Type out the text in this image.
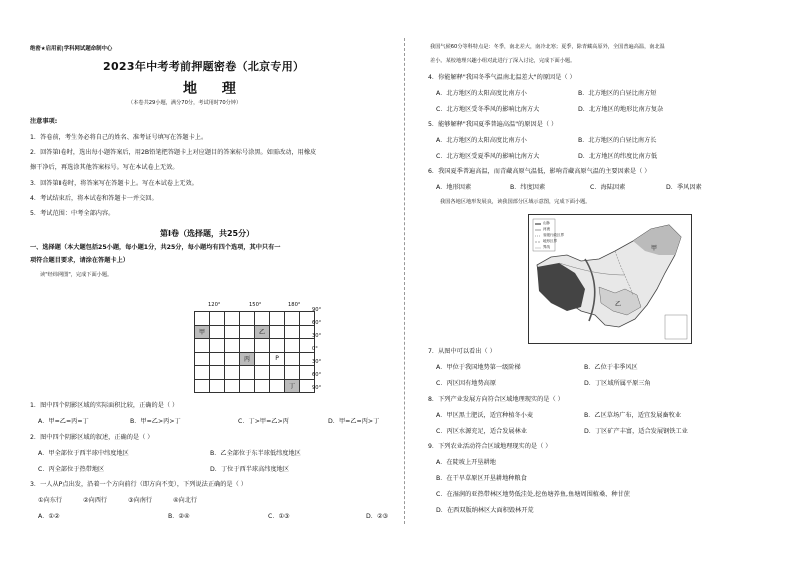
绝密★启用前|学科网试题命制中心
2023年中考考前押题密卷（北京专用）
地 理
（本卷共29小题，满分70分，考试用时70分钟）
注意事项:
1．答卷前，考生务必将自己的姓名、准考证号填写在答题卡上。
2．回答第Ⅰ卷时，选出每小题答案后，用2B铅笔把答题卡上对应题目的答案标号涂黑。如需改动，用橡皮
擦干净后，再选涂其他答案标号。写在本试卷上无效。
3．回答第Ⅱ卷时，将答案写在答题卡上。写在本试卷上无效。
4．考试结束后，将本试卷和答题卡一并交回。
5．考试范围：中考全部内容。
第Ⅰ卷（选择题，共25分）
一、选择题（本大题包括25小题，每小题1分，共25分，每小题均有四个选项，其中只有一
项符合题目要求，请涂在答题卡上）
读"经纬网图"，完成下面小题。
120°	150°	180°

甲				乙			

			丙		P		

						丁	
90°
60°
30°
0°
30°
60°
90°
1．图中四个阴影区域的实际面积比较，正确的是（ ）
A．甲=乙=丙=丁	B．甲=乙>丙>丁	C．丁>甲=乙>丙	D．甲=乙=丙>丁
2．图中四个阴影区域的叙述，正确的是（ ）
A．甲全部位于西半球中纬度地区	B．乙全部位于东半球低纬度地区
C．丙全部位于热带地区	D．丁位于西半球高纬度地区
3．一人从P点出发，沿着一个方向前行（即方向不变），下列说法正确的是（ ）
①向东行	②向西行	③向南行	④向北行
A．①②	B．②④	C．①③	D．②③
我国气候60分等科特点是：冬季，南北差大，南冷北寒；夏季，除青藏高原外，全国普遍高温，南北温
差小。某校地理兴趣小组对此进行了深入讨论，完成下面小题。
4．你能解释"我国冬季气温南北温差大"的原因是（ ）
A．北方地区的太阳高度比南方小	B．北方地区的白昼比南方短
C．北方地区受冬季风的影响比南方大	D．北方地区的地形比南方复杂
5．能够解释"我国夏季普遍高温"的原因是（ ）
A．北方地区的太阳高度比南方小	B．北方地区的白昼比南方长
C．北方地区受夏季风的影响比南方大	D．北方地区的纬度比南方低
6．我国夏季普遍高温，而青藏高原气温低，影响青藏高原气温的主要因素是（ ）
A．地形因素	B．纬度因素	C．海陆因素	D．季风因素
我国各地区地形发展良，读我国部分区域示意图，完成下面小题。
山脉
河流
省级行政区界
地形区界
界线	甲
乙
7．从图中可以看出（ ）
A．甲位于我国地势第一级阶梯	B．乙位于非季风区
C．丙区因有地势高原	D．丁区域所属平原三角
8．下列产业发展方向符合区域地理现实的是（ ）
A．甲区黑土肥沃，适宜种植冬小麦	B．乙区草场广布，适宜发展畜牧业
C．丙区水源充足，适合发展林业	D．丁区矿产丰富，适合发展钢铁工业
9．下列农业活动符合区域地理现实的是（ ）
A．在陡坡上开垦耕地
B．在干旱草原区开垦耕地种粮食
C．在湿润的亚热带林区地势低洼处,挖鱼塘养鱼,鱼塘周围植桑、种甘蔗
D．在西双版纳林区大面积毁林开荒
